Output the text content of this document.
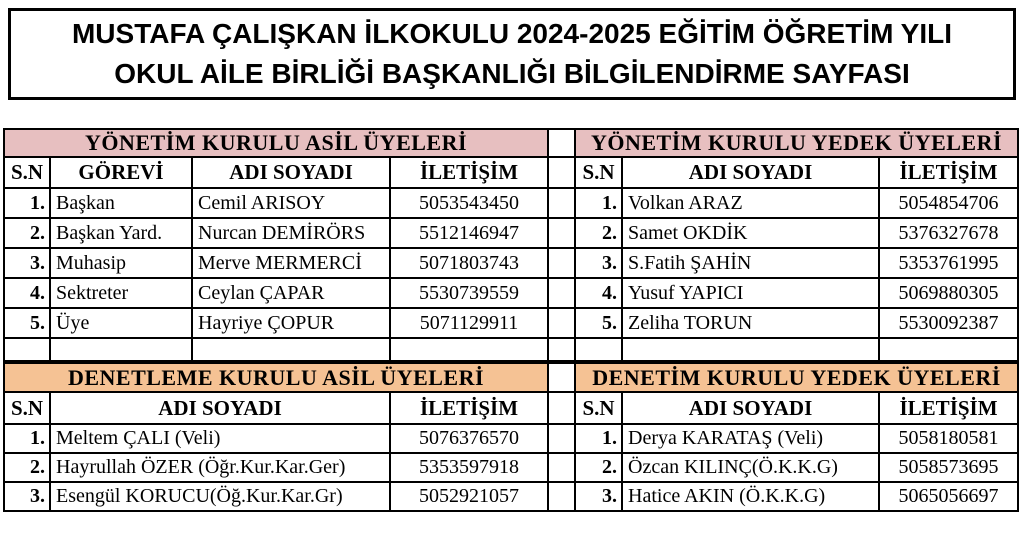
MUSTAFA ÇALIŞKAN İLKOKULU 2024-2025 EĞİTİM ÖĞRETİM YILI
OKUL AİLE BİRLİĞİ BAŞKANLIĞI BİLGİLENDİRME SAYFASI
YÖNETİM KURULU ASİL ÜYELERİ					YÖNETİM KURULU YEDEK ÜYELERİ		
S.N	GÖREVİ	ADI SOYADI	İLETİŞİM		S.N	ADI SOYADI	İLETİŞİM
1.	Başkan	Cemil ARISOY	5053543450		1.	Volkan ARAZ	5054854706
2.	Başkan Yard.	Nurcan DEMİRÖRS	5512146947		2.	Samet OKDİK	5376327678
3.	Muhasip	Merve MERMERCİ	5071803743		3.	S.Fatih ŞAHİN	5353761995
4.	Sektreter	Ceylan ÇAPAR	5530739559		4.	Yusuf YAPICI	5069880305
5.	Üye	Hayriye ÇOPUR	5071129911		5.	Zeliha TORUN	5530092387

DENETLEME KURULU ASİL ÜYELERİ				DENETİM KURULU YEDEK ÜYELERİ		
S.N	ADI SOYADI	İLETİŞİM		S.N	ADI SOYADI	İLETİŞİM
1.	Meltem ÇALI (Veli)	5076376570		1.	Derya KARATAŞ (Veli)	5058180581
2.	Hayrullah ÖZER (Öğr.Kur.Kar.Ger)	5353597918		2.	Özcan KILINÇ(Ö.K.K.G)	5058573695
3.	Esengül KORUCU(Öğ.Kur.Kar.Gr)	5052921057		3.	Hatice AKIN (Ö.K.K.G)	5065056697
